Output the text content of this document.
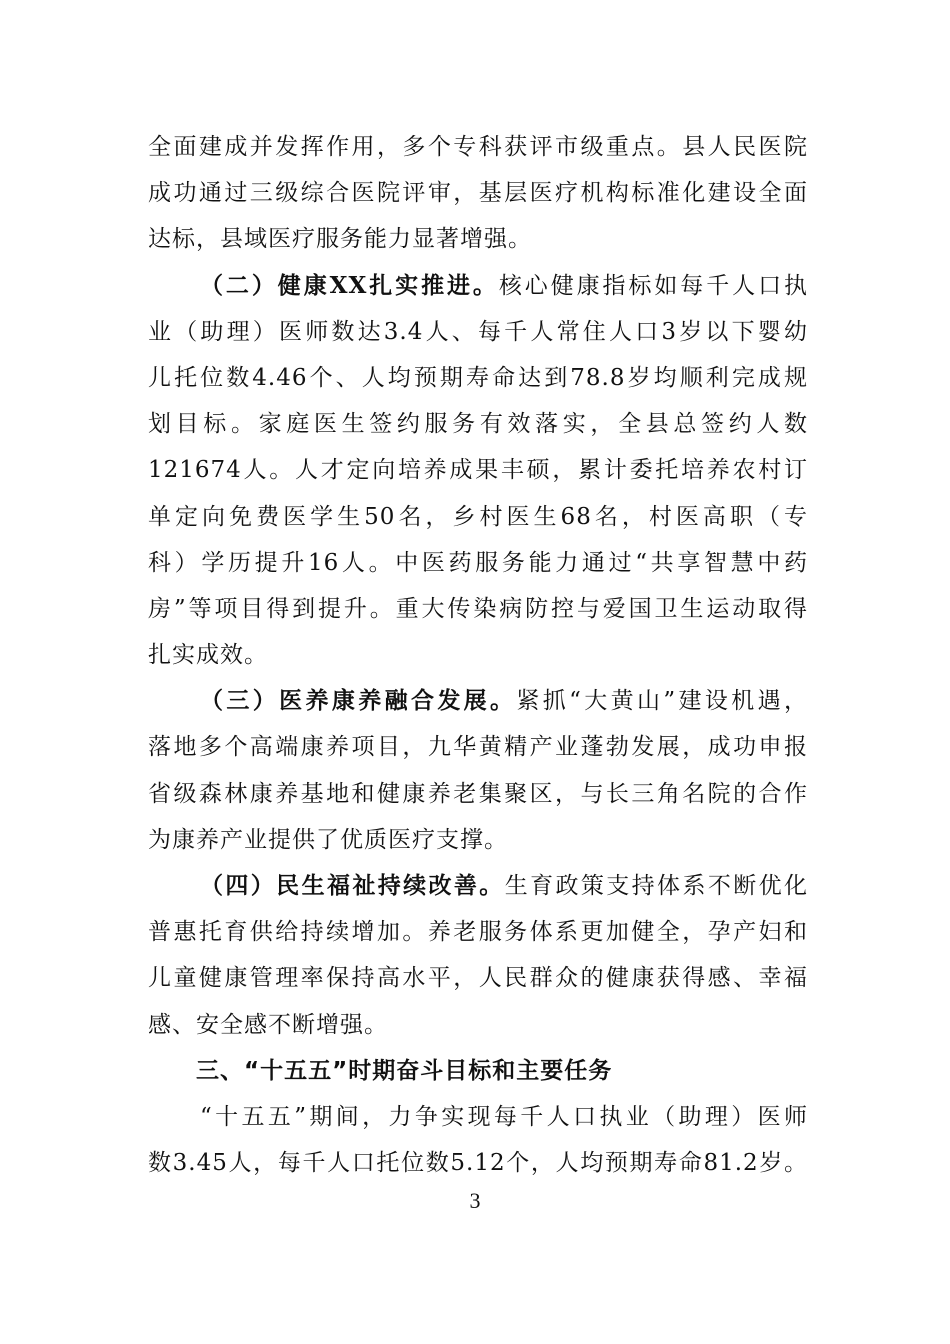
全面建成并发挥作用，多个专科获评市级重点。县人民医院
成功通过三级综合医院评审，基层医疗机构标准化建设全面
达标，县域医疗服务能力显著增强。
（二）健康XX扎实推进。核心健康指标如每千人口执
业（助理）医师数达3.4人、每千人常住人口3岁以下婴幼
儿托位数4.46个、人均预期寿命达到78.8岁均顺利完成规
划目标。家庭医生签约服务有效落实，全县总签约人数
121674人。人才定向培养成果丰硕，累计委托培养农村订
单定向免费医学生50名，乡村医生68名，村医高职（专
科）学历提升16人。中医药服务能力通过“共享智慧中药
房”等项目得到提升。重大传染病防控与爱国卫生运动取得
扎实成效。
（三）医养康养融合发展。紧抓“大黄山”建设机遇，
落地多个高端康养项目，九华黄精产业蓬勃发展，成功申报
省级森林康养基地和健康养老集聚区，与长三角名院的合作
为康养产业提供了优质医疗支撑。
（四）民生福祉持续改善。生育政策支持体系不断优化
普惠托育供给持续增加。养老服务体系更加健全，孕产妇和
儿童健康管理率保持高水平，人民群众的健康获得感、幸福
感、安全感不断增强。
三、“十五五”时期奋斗目标和主要任务
“十五五”期间，力争实现每千人口执业（助理）医师
数3.45人，每千人口托位数5.12个，人均预期寿命81.2岁。
3
